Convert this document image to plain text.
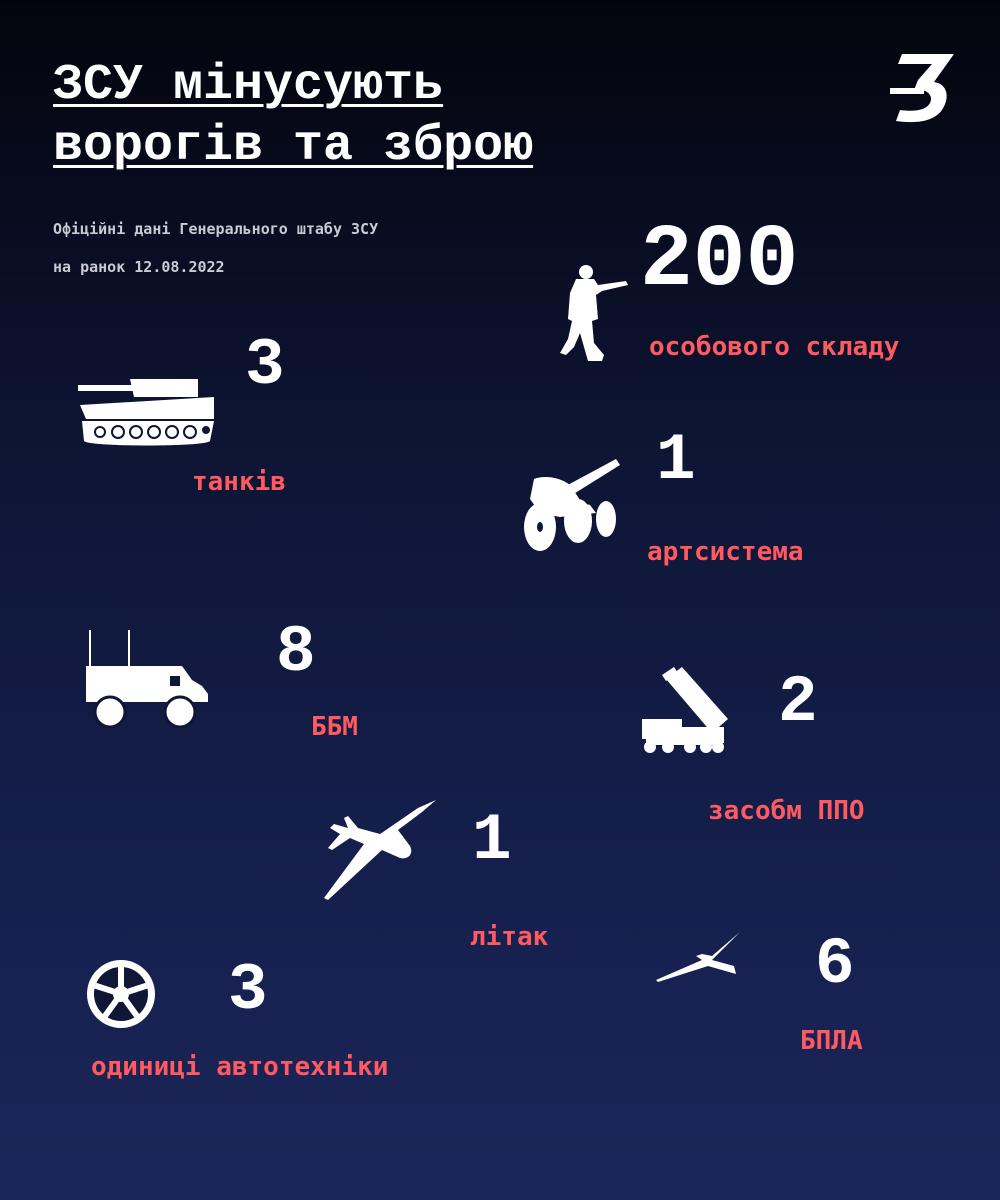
ЗСУ мінусують
ворогів та зброю
Офіційні дані Генерального штабу ЗСУ
на ранок 12.08.2022	200
особового складу
3
танків	1
артсистема
8
ББМ	2
засобм ППО
1
літак
3
одиниці автотехніки
6
БПЛА
